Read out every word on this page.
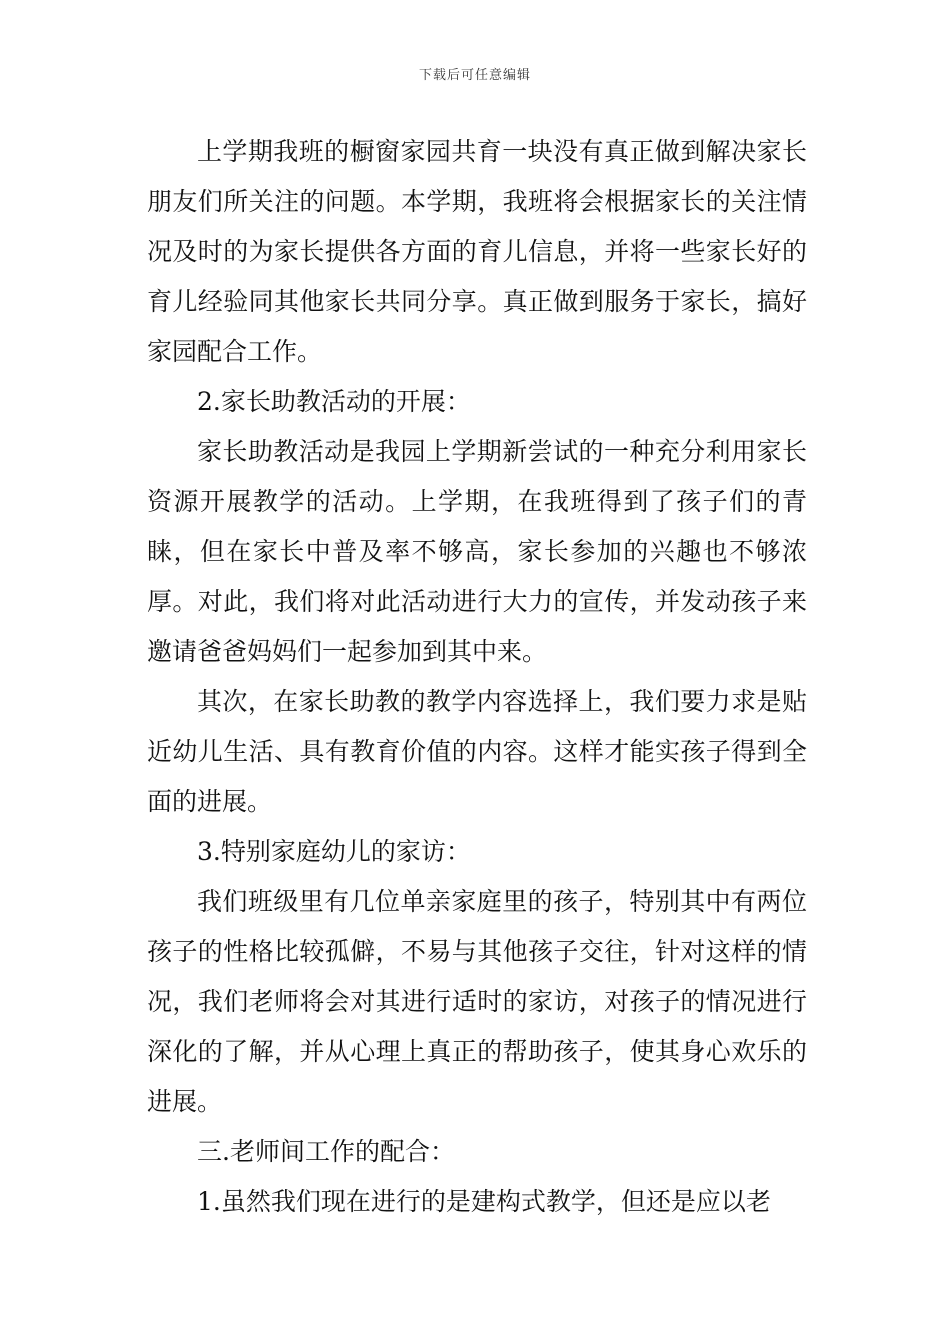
下载后可任意编辑

上学期我班的橱窗家园共育一块没有真正做到解决家长朋友们所关注的问题。本学期，我班将会根据家长的关注情况及时的为家长提供各方面的育儿信息，并将一些家长好的育儿经验同其他家长共同分享。真正做到服务于家长，搞好家园配合工作。

2.家长助教活动的开展：

家长助教活动是我园上学期新尝试的一种充分利用家长资源开展教学的活动。上学期，在我班得到了孩子们的青睐，但在家长中普及率不够高，家长参加的兴趣也不够浓厚。对此，我们将对此活动进行大力的宣传，并发动孩子来邀请爸爸妈妈们一起参加到其中来。

其次，在家长助教的教学内容选择上，我们要力求是贴近幼儿生活、具有教育价值的内容。这样才能实孩子得到全面的进展。

3.特别家庭幼儿的家访：

我们班级里有几位单亲家庭里的孩子，特别其中有两位孩子的性格比较孤僻，不易与其他孩子交往，针对这样的情况，我们老师将会对其进行适时的家访，对孩子的情况进行深化的了解，并从心理上真正的帮助孩子，使其身心欢乐的进展。

三.老师间工作的配合：

1.虽然我们现在进行的是建构式教学，但还是应以老
